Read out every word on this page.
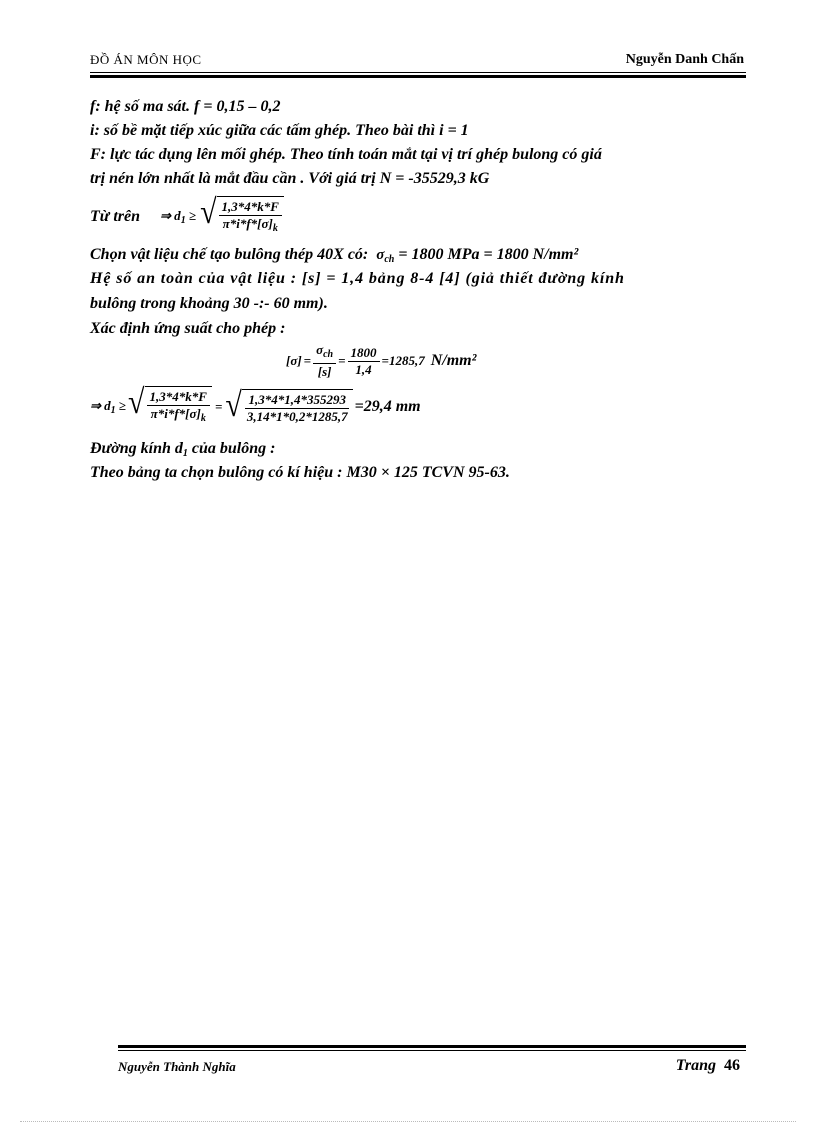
ĐỒ ÁN MÔN HỌC	Nguyễn Danh Chấn
f: hệ số ma sát. f = 0,15 – 0,2
i: số bề mặt tiếp xúc giữa các tấm ghép. Theo bài thì i = 1
F: lực tác dụng lên mối ghép. Theo tính toán mắt tại vị trí ghép bulong có giá
trị nén lớn nhất là mắt đầu cần . Với giá trị N = -35529,3 kG
Từ trên ⇒ $d_1$ ≥ √ $\frac{1,3*4*k*F}{\pi*i*f*[\sigma]_k}$
Chọn vật liệu chế tạo bulông thép 40X có: $\sigma_{ch} = 1800$ MPa = 1800 N/mm²
Hệ số an toàn của vật liệu : [s] = 1,4 bảng 8-4 [4] (giả thiết đường kính
bulông trong khoảng 30 -:- 60 mm).
Xác định ứng suất cho phép :
$[\sigma] = \frac{\sigma_{ch}}{[s]} = \frac{1800}{1,4} =1285,7$ N/mm²
⇒ $d_1$ ≥ √ $\frac{1,3*4*k*F}{\pi*i*f*[\sigma]_k}$ = √ $\frac{1,3*4*1,4*355293}{3,14*1*0,2*1285,7} =29,4$ mm
Đường kính $d_1$ của bulông :
Theo bảng ta chọn bulông có kí hiệu : M30 × 125 TCVN 95-63.
Nguyễn Thành Nghĩa	Trang 46
